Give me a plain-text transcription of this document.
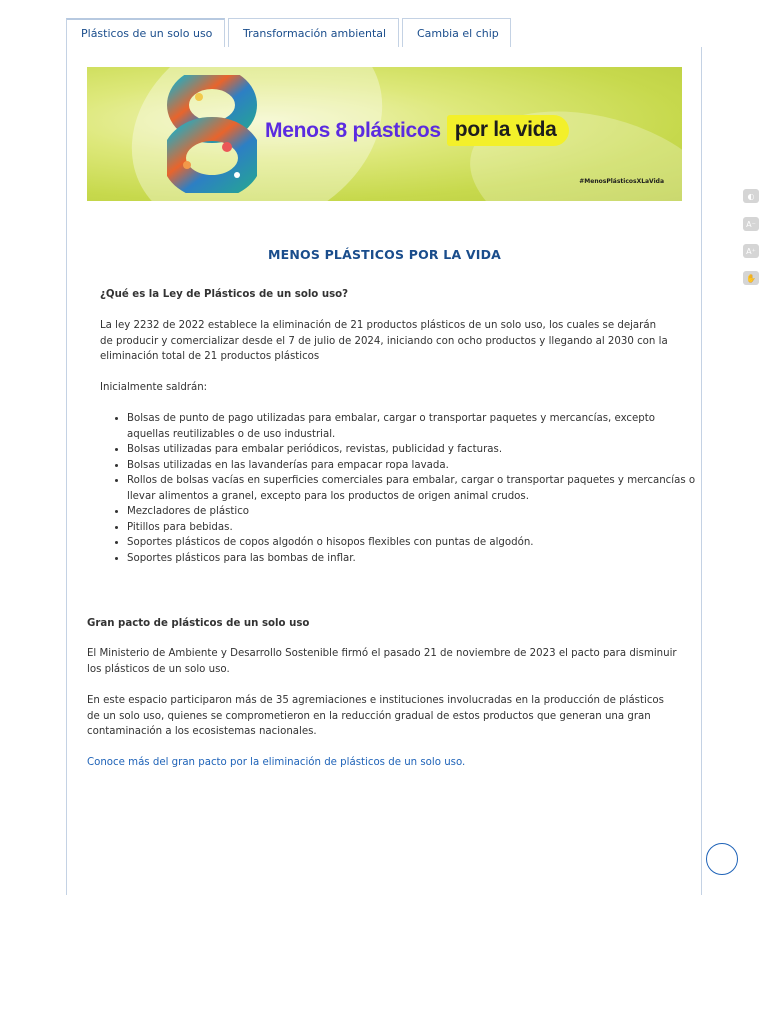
Plásticos de un solo uso	Transformación ambiental	Cambia el chip
Menos 8 plásticos por la vida
#MenosPlásticosXLaVida
MENOS PLÁSTICOS POR LA VIDA
¿Qué es la Ley de Plásticos de un solo uso?
La ley 2232 de 2022 establece la eliminación de 21 productos plásticos de un solo uso, los cuales se dejarán de producir y comercializar desde el 7 de julio de 2024, iniciando con ocho productos y llegando al 2030 con la eliminación total de 21 productos plásticos
Inicialmente saldrán:
• Bolsas de punto de pago utilizadas para embalar, cargar o transportar paquetes y mercancías, excepto aquellas reutilizables o de uso industrial.
• Bolsas utilizadas para embalar periódicos, revistas, publicidad y facturas.
• Bolsas utilizadas en las lavanderías para empacar ropa lavada.
• Rollos de bolsas vacías en superficies comerciales para embalar, cargar o transportar paquetes y mercancías o llevar alimentos a granel, excepto para los productos de origen animal crudos.
• Mezcladores de plástico
• Pitillos para bebidas.
• Soportes plásticos de copos algodón o hisopos flexibles con puntas de algodón.
• Soportes plásticos para las bombas de inflar.
Gran pacto de plásticos de un solo uso
El Ministerio de Ambiente y Desarrollo Sostenible firmó el pasado 21 de noviembre de 2023 el pacto para disminuir los plásticos de un solo uso.
En este espacio participaron más de 35 agremiaciones e instituciones involucradas en la producción de plásticos de un solo uso, quienes se comprometieron en la reducción gradual de estos productos que generan una gran contaminación a los ecosistemas nacionales.
Conoce más del gran pacto por la eliminación de plásticos de un solo uso.
◐
A⁻
A⁺
✋
